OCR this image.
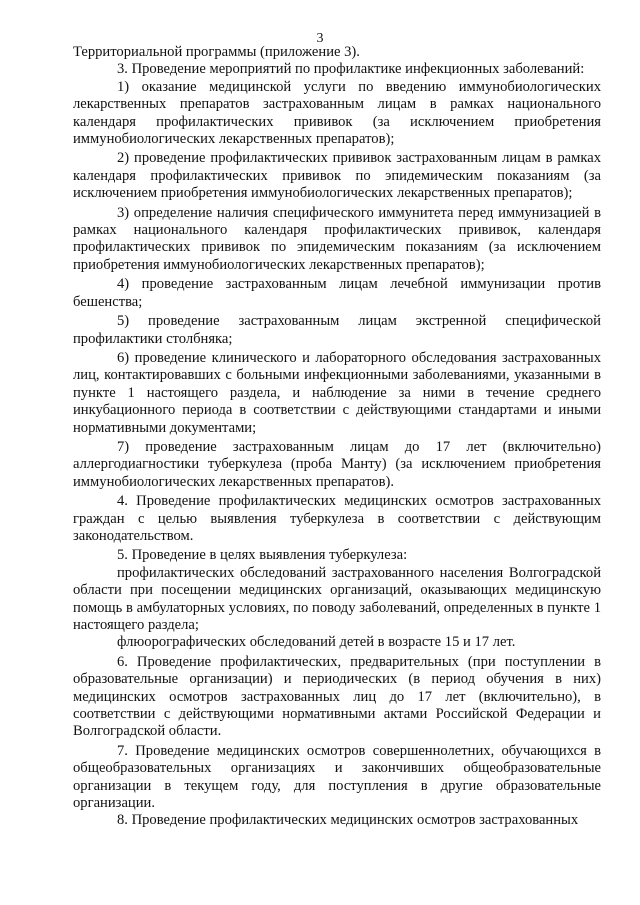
3

Территориальной программы (приложение 3).

3. Проведение мероприятий по профилактике инфекционных заболеваний:

1) оказание медицинской услуги по введению иммунобиологических лекарственных препаратов застрахованным лицам в рамках национального календаря профилактических прививок (за исключением приобретения иммунобиологических лекарственных препаратов);

2) проведение профилактических прививок застрахованным лицам в рамках календаря профилактических прививок по эпидемическим показаниям (за исключением приобретения иммунобиологических лекарственных препаратов);

3) определение наличия специфического иммунитета перед иммунизацией в рамках национального календаря профилактических прививок, календаря профилактических прививок по эпидемическим показаниям (за исключением приобретения иммунобиологических лекарственных препаратов);

4) проведение застрахованным лицам лечебной иммунизации против бешенства;

5) проведение застрахованным лицам экстренной специфической профилактики столбняка;

6) проведение клинического и лабораторного обследования застрахованных лиц, контактировавших с больными инфекционными заболеваниями, указанными в пункте 1 настоящего раздела, и наблюдение за ними в течение среднего инкубационного периода в соответствии с действующими стандартами и иными нормативными документами;

7) проведение застрахованным лицам до 17 лет (включительно) аллергодиагностики туберкулеза (проба Манту) (за исключением приобретения иммунобиологических лекарственных препаратов).

4. Проведение профилактических медицинских осмотров застрахованных граждан с целью выявления туберкулеза в соответствии с действующим законодательством.

5. Проведение в целях выявления туберкулеза:

профилактических обследований застрахованного населения Волгоградской области при посещении медицинских организаций, оказывающих медицинскую помощь в амбулаторных условиях, по поводу заболеваний, определенных в пункте 1 настоящего раздела;

флюорографических обследований детей в возрасте 15 и 17 лет.

6. Проведение профилактических, предварительных (при поступлении в образовательные организации) и периодических (в период обучения в них) медицинских осмотров застрахованных лиц до 17 лет (включительно), в соответствии с действующими нормативными актами Российской Федерации и Волгоградской области.

7. Проведение медицинских осмотров совершеннолетних, обучающихся в общеобразовательных организациях и закончивших общеобразовательные организации в текущем году, для поступления в другие образовательные организации.

8. Проведение профилактических медицинских осмотров застрахованных
